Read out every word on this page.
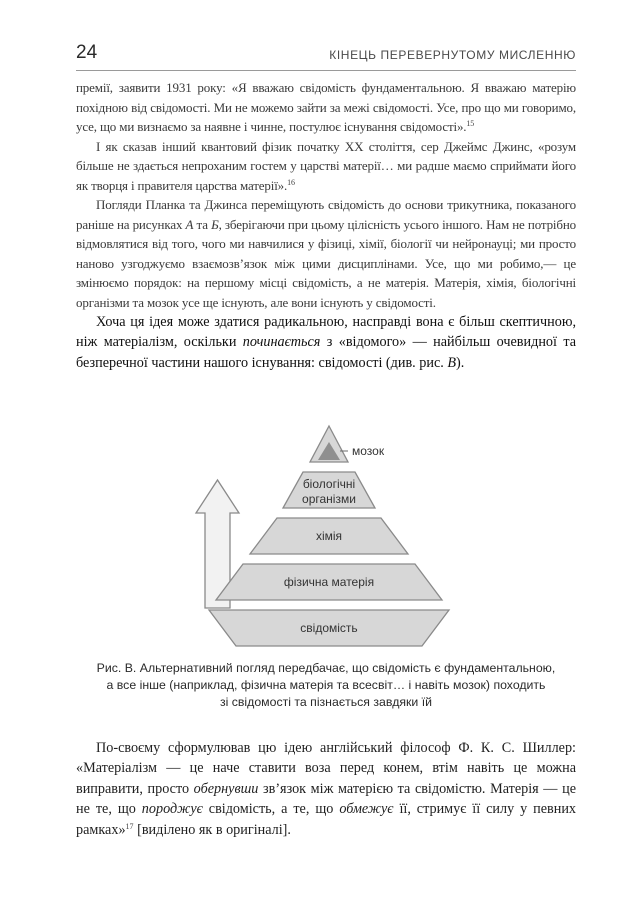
24	КІНЕЦЬ ПЕРЕВЕРНУТОМУ МИСЛЕННЮ

премії, заявити 1931 року: «Я вважаю свідомість фундаментальною. Я вважаю матерію похідною від свідомості. Ми не можемо зайти за межі свідомості. Усе, про що ми говоримо, усе, що ми визнаємо за наявне і чинне, постулює існування свідомості».$^{15}$

І як сказав інший квантовий фізик початку ХХ століття, сер Джеймс Джинс, «розум більше не здається непроханим гостем у царстві матерії… ми радше маємо сприймати його як творця і правителя царства матерії».$^{16}$

Погляди Планка та Джинса переміщують свідомість до основи трикутника, показаного раніше на рисунках А та Б, зберігаючи при цьому цілісність усього іншого. Нам не потрібно відмовлятися від того, чого ми навчилися у фізиці, хімії, біології чи нейронауці; ми просто наново узгоджуємо взаємозв’язок між цими дисциплінами. Усе, що ми робимо,— це змінюємо порядок: на першому місці свідомість, а не матерія. Матерія, хімія, біологічні організми та мозок усе ще існують, але вони існують у свідомості.

Хоча ця ідея може здатися радикальною, насправді вона є більш скептичною, ніж матеріалізм, оскільки починається з «відомого» — найбільш очевидної та безперечної частини нашого існування: свідомості (див. рис. В).

мозок
свідомість
фізична матерія
хімія
біологічні
організми
Рис. В. Альтернативний погляд передбачає, що свідомість є фундаментальною,
а все інше (наприклад, фізична матерія та всесвіт… і навіть мозок) походить
зі свідомості та пізнається завдяки їй

По-своєму сформулював цю ідею англійський філософ Ф. К. С. Шиллер: «Матеріалізм — це наче ставити воза перед конем, втім навіть це можна виправити, просто обернувши зв’язок між матерією та свідомістю. Матерія — це не те, що породжує свідомість, а те, що обмежує її, стримує її силу у певних рамках»$^{17}$ [виділено як в оригіналі].
